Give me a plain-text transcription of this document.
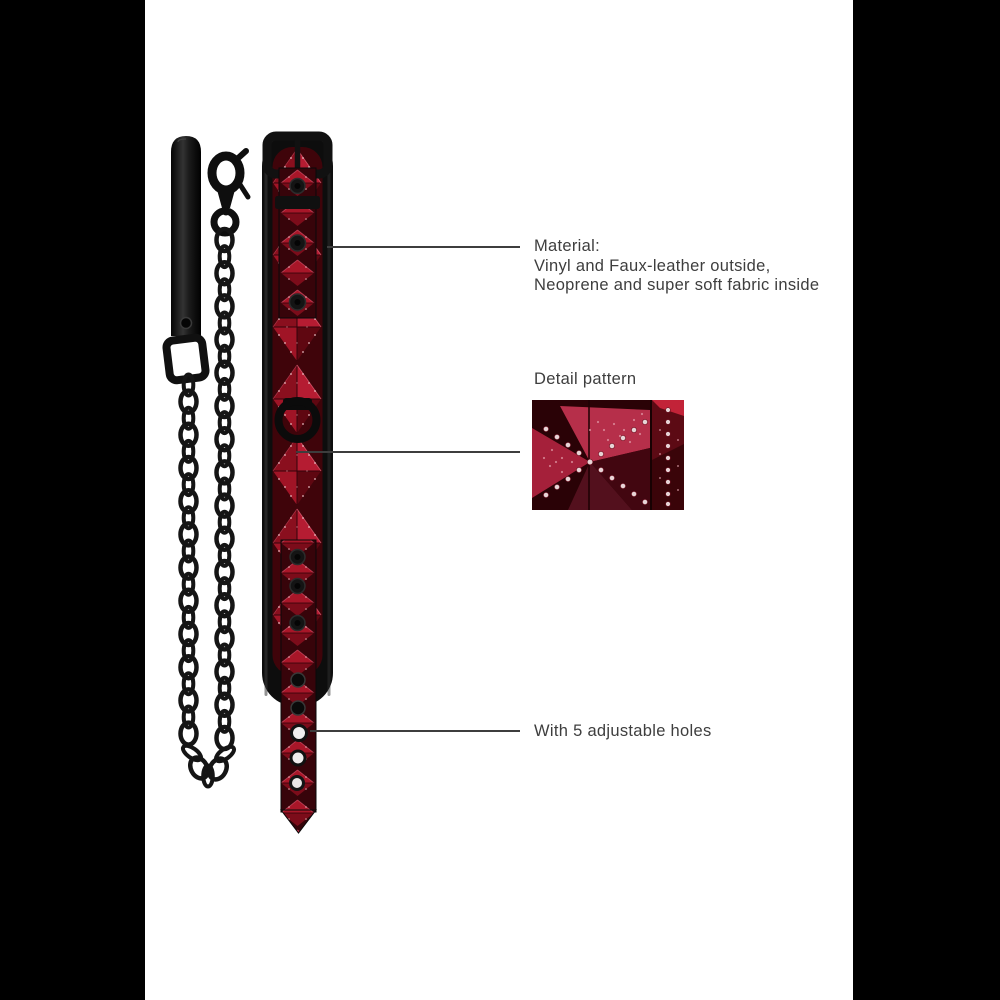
Material:
Vinyl and Faux-leather outside,
Neoprene and super soft fabric inside
Detail pattern
With 5 adjustable holes
